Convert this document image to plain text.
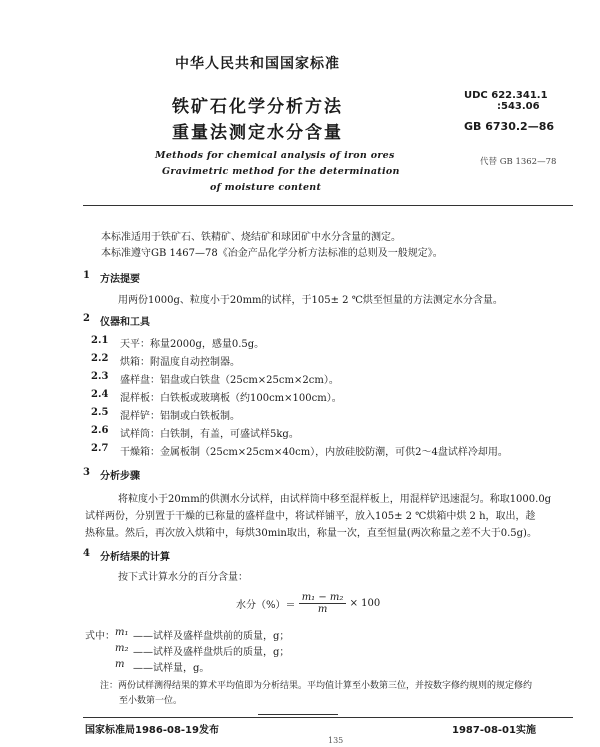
中华人民共和国国家标准
铁矿石化学分析方法
重量法测定水分含量
UDC 622.341.1
:543.06
GB 6730.2—86
代替 GB 1362—78
Methods for chemical analysis of iron ores
Gravimetric method for the determination
of moisture content
本标准适用于铁矿石、铁精矿、烧结矿和球团矿中水分含量的测定。
本标准遵守GB 1467—78《冶金产品化学分析方法标准的总则及一般规定》。
1 方法提要
用两份1000g、粒度小于20mm的试样，于105± 2 ℃烘至恒量的方法测定水分含量。
2 仪器和工具
2.1 天平：称量2000g，感量0.5g。
2.2 烘箱：附温度自动控制器。
2.3 盛样盘：铝盘或白铁盘（25cm×25cm×2cm）。
2.4 混样板：白铁板或玻璃板（约100cm×100cm）。
2.5 混样铲：铝制或白铁板制。
2.6 试样筒：白铁制，有盖，可盛试样5kg。
2.7 干燥箱：金属板制（25cm×25cm×40cm），内放硅胶防潮，可供2～4盘试样冷却用。
3 分析步骤
将粒度小于20mm的供测水分试样，由试样筒中移至混样板上，用混样铲迅速混匀。称取1000.0g
试样两份，分别置于干燥的已称量的盛样盘中，将试样铺平，放入105± 2 ℃烘箱中烘 2 h，取出，趁
热称量。然后，再次放入烘箱中，每烘30min取出，称量一次，直至恒量(两次称量之差不大于0.5g)。
4 分析结果的计算
按下式计算水分的百分含量：
水分（%）＝ $\frac{\text{m₁ − m₂}}{m} \times 100$
式中： m₁ ——试样及盛样盘烘前的质量，g；
m₂ ——试样及盛样盘烘后的质量，g；
m ——试样量，g。
注：两份试样测得结果的算术平均值即为分析结果。平均值计算至小数第三位，并按数字修约规则的规定修约
至小数第一位。
国家标准局1986-08-19发布	1987-08-01实施
135
